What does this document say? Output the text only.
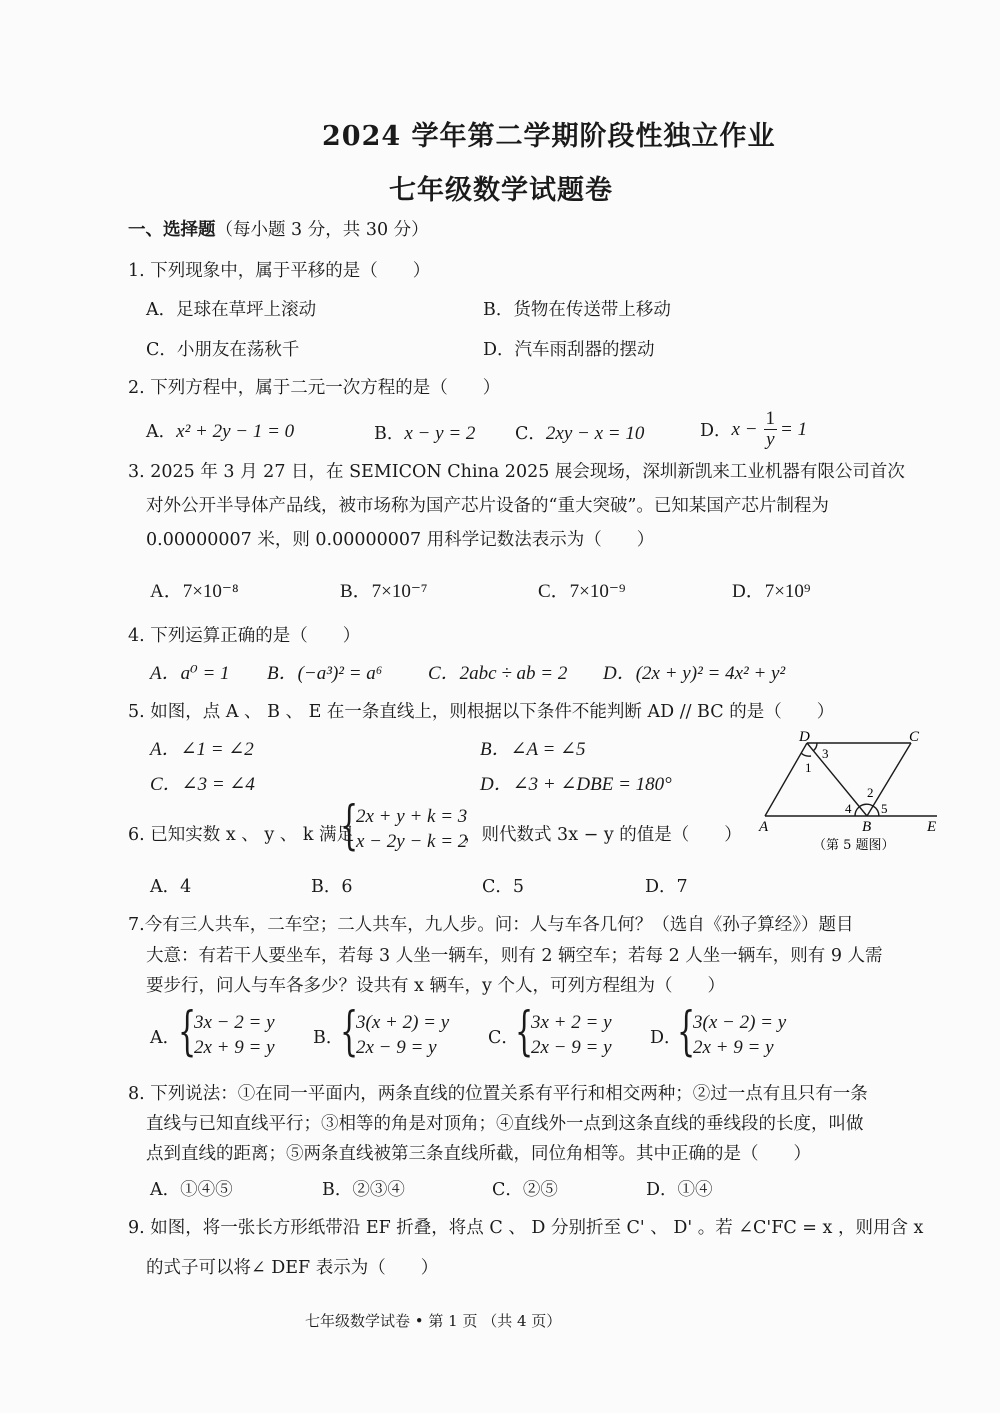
2024 学年第二学期阶段性独立作业
七年级数学试题卷
一、选择题（每小题 3 分，共 30 分）
1. 下列现象中，属于平移的是（　　）
A．足球在草坪上滚动	B．货物在传送带上移动
C．小朋友在荡秋千	D．汽车雨刮器的摆动
2. 下列方程中，属于二元一次方程的是（　　）
A．x² + 2y − 1 = 0	B．x − y = 2 C．2xy − x = 10	D． $x - \frac{1}{y} = 1$
3. 2025 年 3 月 27 日，在 SEMICON China 2025 展会现场，深圳新凯来工业机器有限公司首次
对外公开半导体产品线，被市场称为国产芯片设备的“重大突破”。已知某国产芯片制程为
0.00000007 米，则 0.00000007 用科学记数法表示为（　　）
A．7×10⁻⁸	B．7×10⁻⁷	C．7×10⁻⁹	D．7×10⁹
4. 下列运算正确的是（　　）
A．a⁰ = 1 B．(−a³)² = a⁶ C．2abc ÷ ab = 2 D．(2x + y)² = 4x² + y²
5. 如图，点 A 、 B 、 E 在一条直线上，则根据以下条件不能判断 AD // BC 的是（　　）
A．∠1 = ∠2	B．∠A = ∠5
C．∠3 = ∠4	D．∠3 + ∠DBE = 180°
D	C
A	B	E
1
2
3
4 5
（第 5 题图）
6. 已知实数 x 、 y 、 k 满足
{
2x + y + k = 3
x − 2y − k = 2
，则代数式 3x − y 的值是（　　）
A．4	B．6	C．5	D．7
7.今有三人共车，二车空；二人共车，九人步。问：人与车各几何？（选自《孙子算经》）题目
大意：有若干人要坐车，若每 3 人坐一辆车，则有 2 辆空车；若每 2 人坐一辆车，则有 9 人需
要步行，问人与车各多少？设共有 x 辆车，y 个人，可列方程组为（　　）
A．
{
3x − 2 = y
2x + 9 = y B．
{
3(x + 2) = y
2x − 9 = y	C．
{
3x + 2 = y
2x − 9 = y D．
{
3(x − 2) = y
2x + 9 = y
8. 下列说法：①在同一平面内，两条直线的位置关系有平行和相交两种；②过一点有且只有一条
直线与已知直线平行；③相等的角是对顶角；④直线外一点到这条直线的垂线段的长度，叫做
点到直线的距离；⑤两条直线被第三条直线所截，同位角相等。其中正确的是（　　）
A．①④⑤	B．②③④	C．②⑤	D．①④
9. 如图，将一张长方形纸带沿 EF 折叠，将点 C 、 D 分别折至 C' 、 D' 。若 ∠C'FC = x ，则用含 x
的式子可以将∠ DEF 表示为（　　）
七年级数学试卷 • 第 1 页 （共 4 页）
